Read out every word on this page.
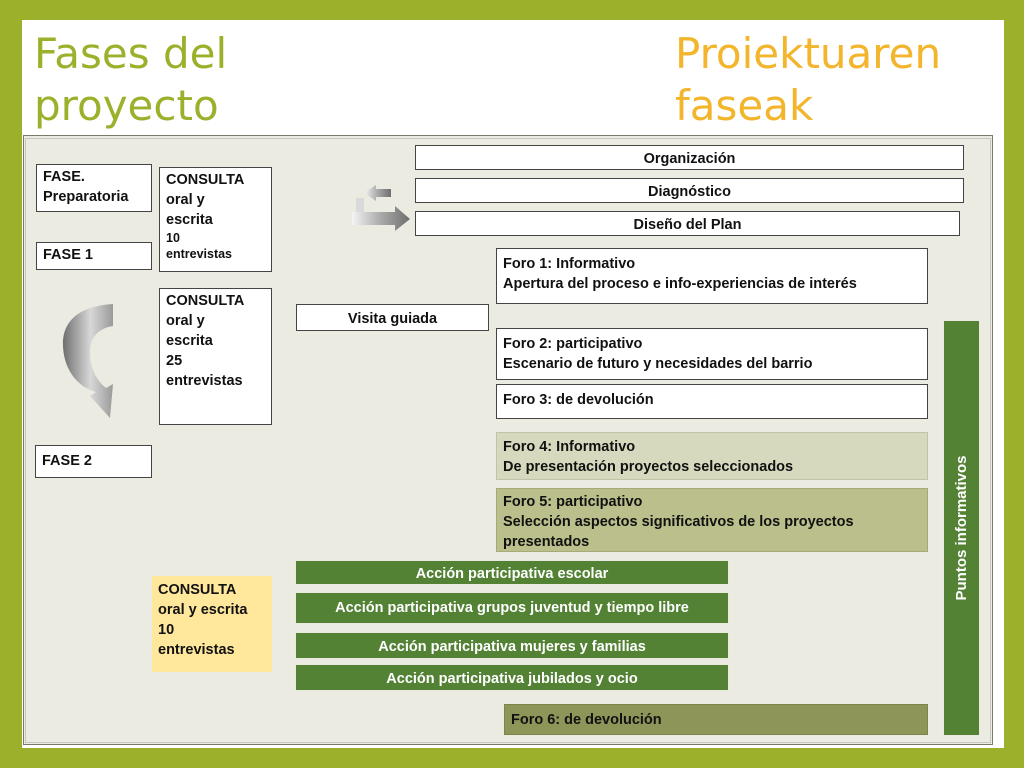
Fases del
proyecto
Proiektuaren
faseak
FASE.
Preparatoria
FASE 1
FASE 2
CONSULTA
oral y
escrita
10
entrevistas
CONSULTA
oral y
escrita
25
entrevistas
CONSULTA
oral y escrita
10
entrevistas
Organización
Diagnóstico
Diseño del Plan
Visita guiada
Foro 1: Informativo
Apertura del proceso e info-experiencias de interés
Foro 2: participativo
Escenario de futuro y necesidades del barrio
Foro 3: de devolución
Foro 4: Informativo
De presentación proyectos seleccionados
Foro 5: participativo
Selección aspectos significativos de los proyectos
presentados
Foro 6: de devolución
Acción participativa escolar
Acción participativa grupos juventud y tiempo libre
Acción participativa mujeres y familias
Acción participativa jubilados y ocio
Puntos informativos
